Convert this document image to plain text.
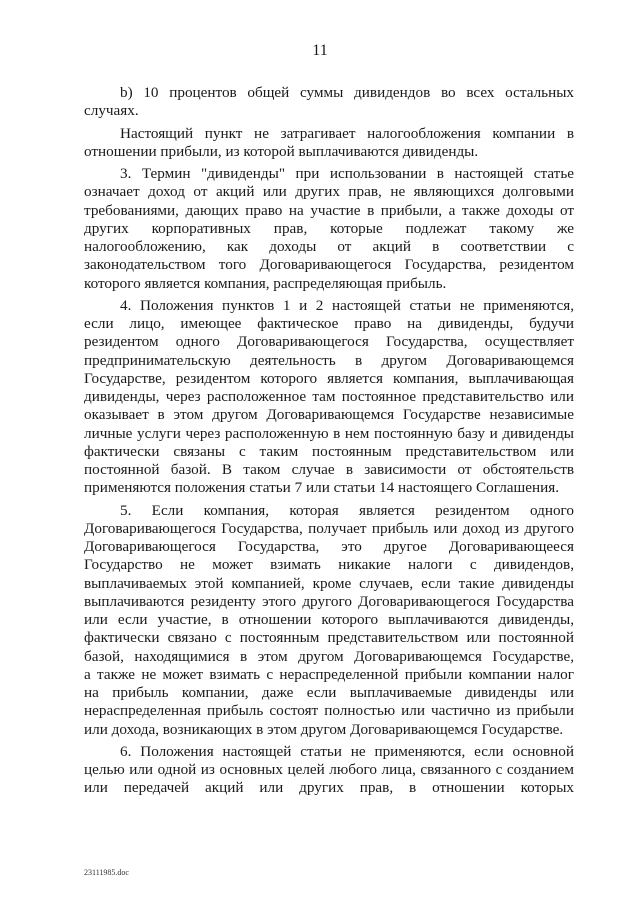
11
b) 10 процентов общей суммы дивидендов во всех остальных
случаях.
Настоящий пункт не затрагивает налогообложения компании в
отношении прибыли, из которой выплачиваются дивиденды.
3. Термин "дивиденды" при использовании в настоящей статье
означает доход от акций или других прав, не являющихся долговыми
требованиями, дающих право на участие в прибыли, а также доходы от
других корпоративных прав, которые подлежат такому же
налогообложению, как доходы от акций в соответствии с
законодательством того Договаривающегося Государства, резидентом
которого является компания, распределяющая прибыль.
4. Положения пунктов 1 и 2 настоящей статьи не применяются,
если лицо, имеющее фактическое право на дивиденды, будучи
резидентом одного Договаривающегося Государства, осуществляет
предпринимательскую деятельность в другом Договаривающемся
Государстве, резидентом которого является компания, выплачивающая
дивиденды, через расположенное там постоянное представительство или
оказывает в этом другом Договаривающемся Государстве независимые
личные услуги через расположенную в нем постоянную базу и дивиденды
фактически связаны с таким постоянным представительством или
постоянной базой. В таком случае в зависимости от обстоятельств
применяются положения статьи 7 или статьи 14 настоящего Соглашения.
5. Если компания, которая является резидентом одного
Договаривающегося Государства, получает прибыль или доход из другого
Договаривающегося Государства, это другое Договаривающееся
Государство не может взимать никакие налоги с дивидендов,
выплачиваемых этой компанией, кроме случаев, если такие дивиденды
выплачиваются резиденту этого другого Договаривающегося Государства
или если участие, в отношении которого выплачиваются дивиденды,
фактически связано с постоянным представительством или постоянной
базой, находящимися в этом другом Договаривающемся Государстве,
а также не может взимать с нераспределенной прибыли компании налог
на прибыль компании, даже если выплачиваемые дивиденды или
нераспределенная прибыль состоят полностью или частично из прибыли
или дохода, возникающих в этом другом Договаривающемся Государстве.
6. Положения настоящей статьи не применяются, если основной
целью или одной из основных целей любого лица, связанного с созданием
или передачей акций или других прав, в отношении которых
23111985.doc
